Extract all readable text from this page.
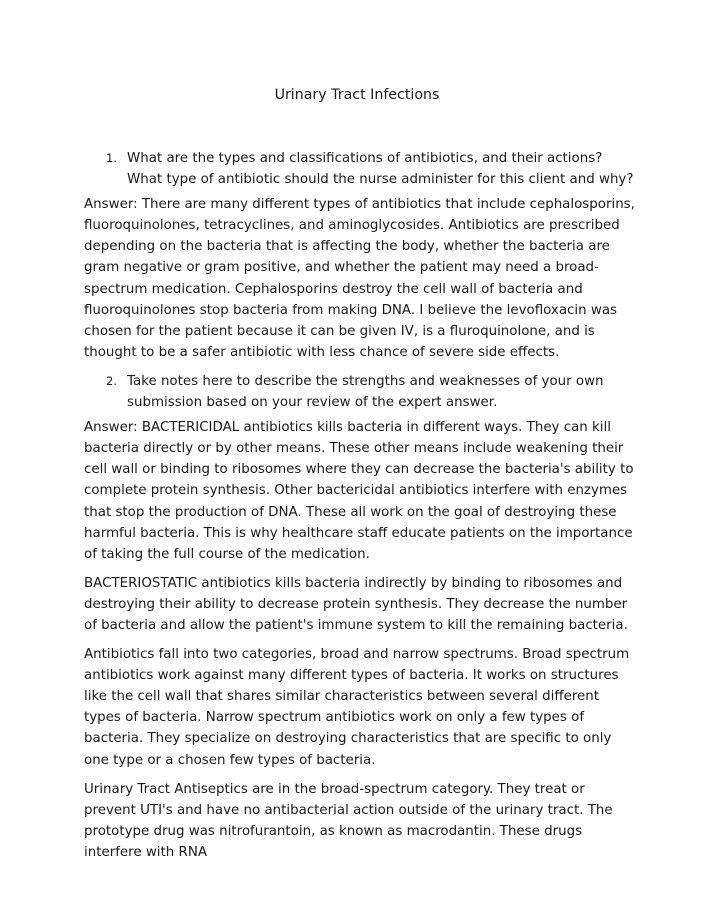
Urinary Tract Infections
1. What are the types and classifications of antibiotics, and their actions? What type of antibiotic should the nurse administer for this client and why?

Answer: There are many different types of antibiotics that include cephalosporins, fluoroquinolones, tetracyclines, and aminoglycosides. Antibiotics are prescribed depending on the bacteria that is affecting the body, whether the bacteria are gram negative or gram positive, and whether the patient may need a broad-spectrum medication. Cephalosporins destroy the cell wall of bacteria and fluoroquinolones stop bacteria from making DNA. I believe the levofloxacin was chosen for the patient because it can be given IV, is a fluroquinolone, and is thought to be a safer antibiotic with less chance of severe side effects.

2. Take notes here to describe the strengths and weaknesses of your own submission based on your review of the expert answer.

Answer: BACTERICIDAL antibiotics kills bacteria in different ways. They can kill bacteria directly or by other means. These other means include weakening their cell wall or binding to ribosomes where they can decrease the bacteria's ability to complete protein synthesis. Other bactericidal antibiotics interfere with enzymes that stop the production of DNA. These all work on the goal of destroying these harmful bacteria. This is why healthcare staff educate patients on the importance of taking the full course of the medication.

BACTERIOSTATIC antibiotics kills bacteria indirectly by binding to ribosomes and destroying their ability to decrease protein synthesis. They decrease the number of bacteria and allow the patient's immune system to kill the remaining bacteria.

Antibiotics fall into two categories, broad and narrow spectrums. Broad spectrum antibiotics work against many different types of bacteria. It works on structures like the cell wall that shares similar characteristics between several different types of bacteria. Narrow spectrum antibiotics work on only a few types of bacteria. They specialize on destroying characteristics that are specific to only one type or a chosen few types of bacteria.

Urinary Tract Antiseptics are in the broad-spectrum category. They treat or prevent UTI's and have no antibacterial action outside of the urinary tract. The prototype drug was nitrofurantoin, as known as macrodantin. These drugs interfere with RNA
